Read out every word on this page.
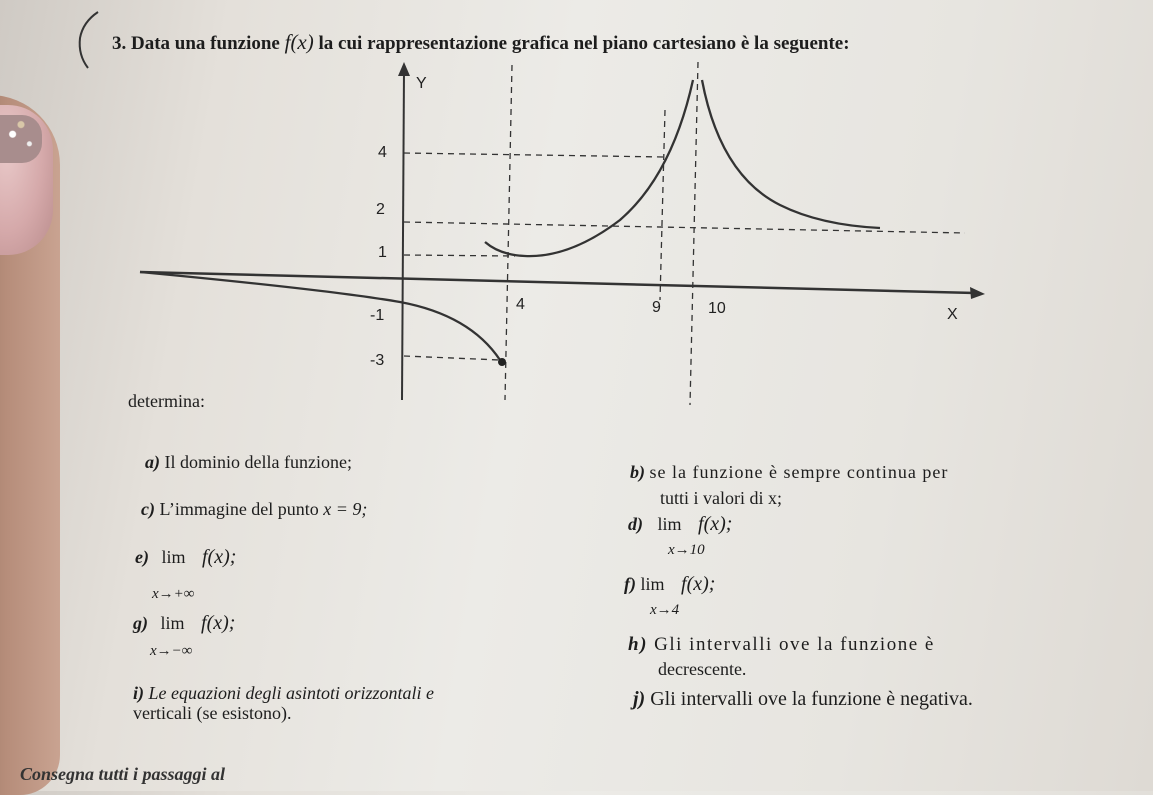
3. Data una funzione f(x) la cui rappresentazione grafica nel piano cartesiano è la seguente:
Y
X
4
2
1
-1
-3
4	9	10
determina:
a) Il dominio della funzione;
c) L’immagine del punto x = 9;
e) lim f(x);
x→+∞
g) lim f(x);
x→−∞
i) Le equazioni degli asintoti orizzontali e
verticali (se esistono).
b) se la funzione è sempre continua per
tutti i valori di x;
d) lim f(x);
x→10
f) lim f(x);
x→4
h) Gli intervalli ove la funzione è
decrescente.
j) Gli intervalli ove la funzione è negativa.
Consegna tutti i passaggi al
